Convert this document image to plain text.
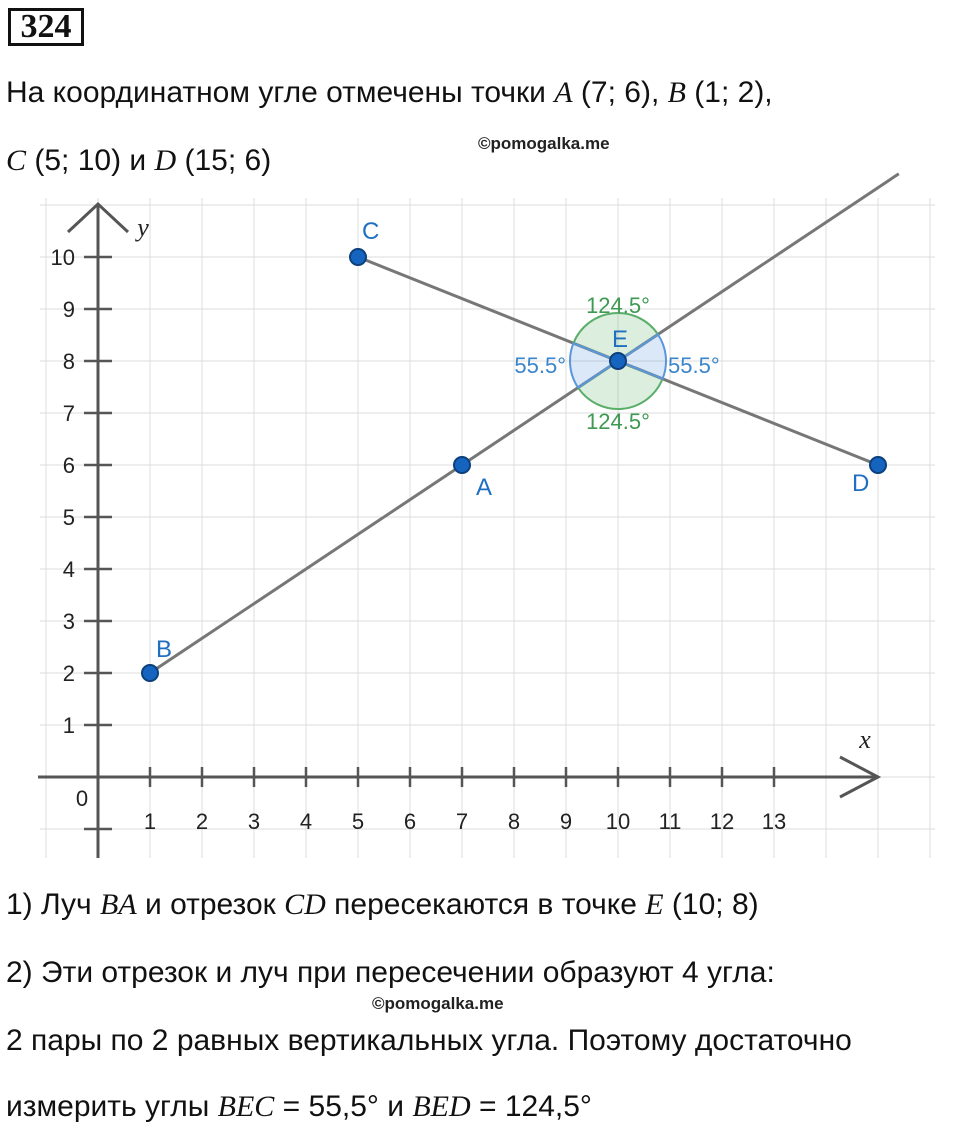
324
На координатном угле отмечены точки A (7; 6), B (1; 2),
C (5; 10) и D (15; 6)
©pomogalka.me
1 2 3 4 5 6 7 8 9 10 11 12 13
1
2
3
4
5
6
7
8
9
10
0
x
y
124.5°
124.5°
55.5°	55.5°
A
B
C
D
E
1) Луч BA и отрезок CD пересекаются в точке E (10; 8)
2) Эти отрезок и луч при пересечении образуют 4 угла:
©pomogalka.me
2 пары по 2 равных вертикальных угла. Поэтому достаточно
измерить углы BEC = 55,5° и BED = 124,5°
